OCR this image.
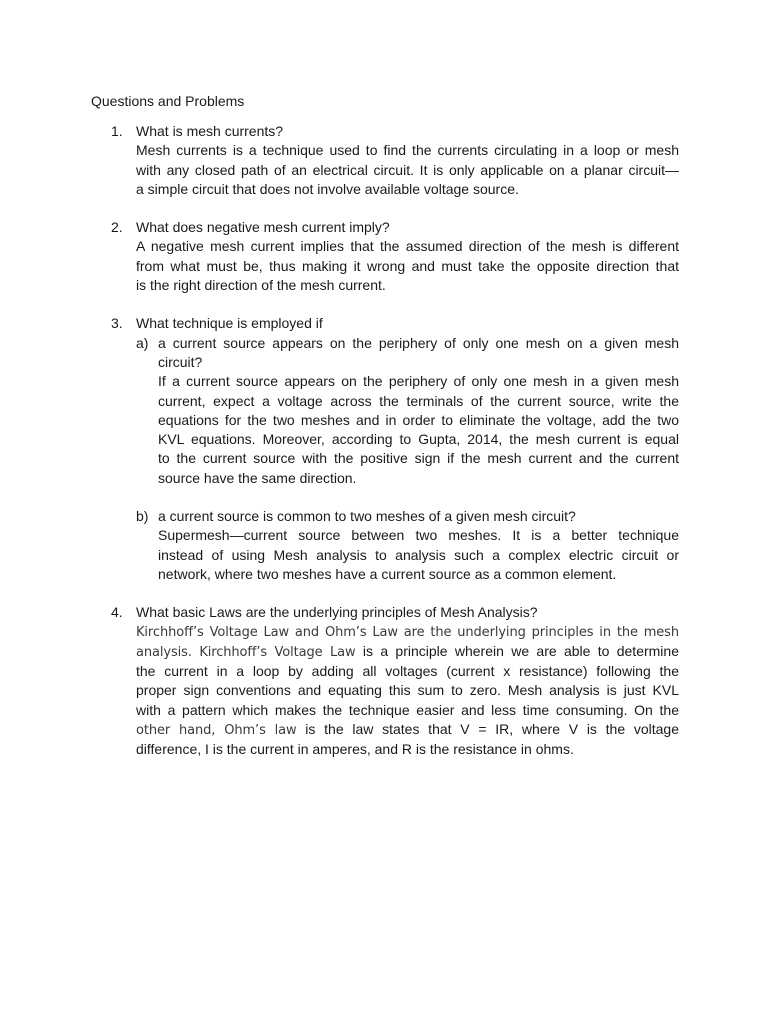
Questions and Problems
1. What is mesh currents?
Mesh currents is a technique used to find the currents circulating in a loop or mesh
with any closed path of an electrical circuit. It is only applicable on a planar circuit—
a simple circuit that does not involve available voltage source.
2. What does negative mesh current imply?
A negative mesh current implies that the assumed direction of the mesh is different
from what must be, thus making it wrong and must take the opposite direction that
is the right direction of the mesh current.
3. What technique is employed if
a) a current source appears on the periphery of only one mesh on a given mesh
circuit?
If a current source appears on the periphery of only one mesh in a given mesh
current, expect a voltage across the terminals of the current source, write the
equations for the two meshes and in order to eliminate the voltage, add the two
KVL equations. Moreover, according to Gupta, 2014, the mesh current is equal
to the current source with the positive sign if the mesh current and the current
source have the same direction.
b) a current source is common to two meshes of a given mesh circuit?
Supermesh—current source between two meshes. It is a better technique
instead of using Mesh analysis to analysis such a complex electric circuit or
network, where two meshes have a current source as a common element.
4. What basic Laws are the underlying principles of Mesh Analysis?
Kirchhoff’s Voltage Law and Ohm’s Law are the underlying principles in the mesh
analysis. Kirchhoff’s Voltage Law is a principle wherein we are able to determine
the current in a loop by adding all voltages (current x resistance) following the
proper sign conventions and equating this sum to zero. Mesh analysis is just KVL
with a pattern which makes the technique easier and less time consuming. On the
other hand, Ohm’s law is the law states that V = IR, where V is the voltage
difference, I is the current in amperes, and R is the resistance in ohms.
